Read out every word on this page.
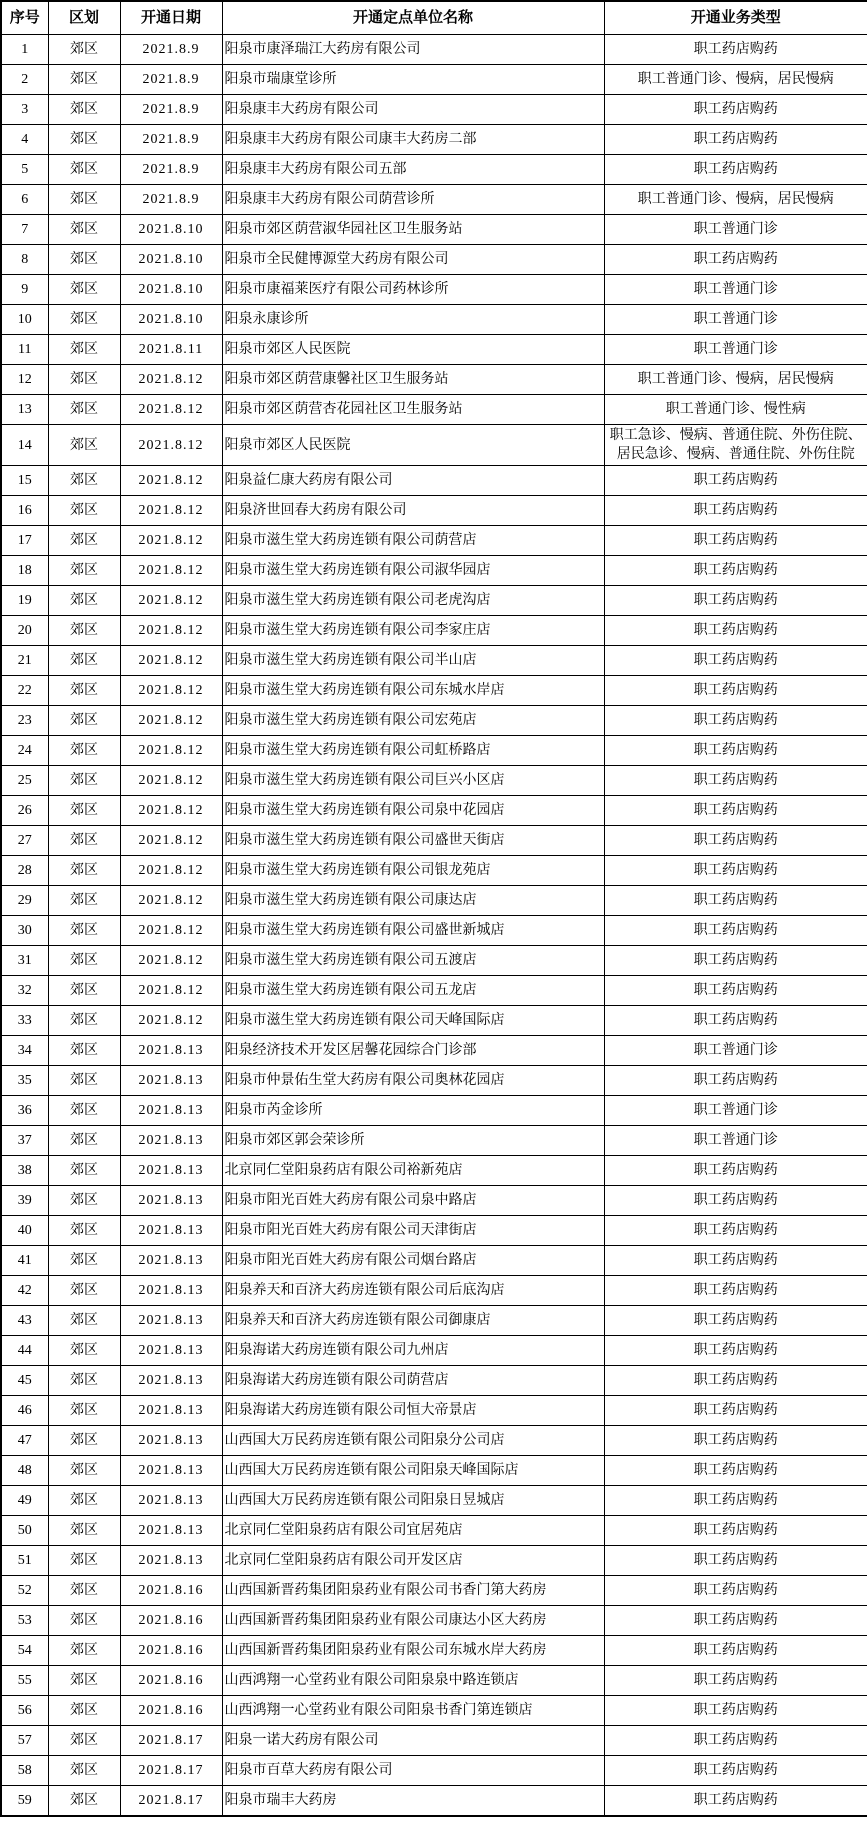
序号	区划	开通日期	开通定点单位名称	开通业务类型
1	郊区	2021.8.9	阳泉市康泽瑞江大药房有限公司	职工药店购药
2	郊区	2021.8.9	阳泉市瑞康堂诊所	职工普通门诊、慢病，居民慢病
3	郊区	2021.8.9	阳泉康丰大药房有限公司	职工药店购药
4	郊区	2021.8.9	阳泉康丰大药房有限公司康丰大药房二部	职工药店购药
5	郊区	2021.8.9	阳泉康丰大药房有限公司五部	职工药店购药
6	郊区	2021.8.9	阳泉康丰大药房有限公司荫营诊所	职工普通门诊、慢病，居民慢病
7	郊区	2021.8.10	阳泉市郊区荫营淑华园社区卫生服务站	职工普通门诊
8	郊区	2021.8.10	阳泉市全民健博源堂大药房有限公司	职工药店购药
9	郊区	2021.8.10	阳泉市康福莱医疗有限公司药林诊所	职工普通门诊
10	郊区	2021.8.10	阳泉永康诊所	职工普通门诊
11	郊区	2021.8.11	阳泉市郊区人民医院	职工普通门诊
12	郊区	2021.8.12	阳泉市郊区荫营康馨社区卫生服务站	职工普通门诊、慢病，居民慢病
13	郊区	2021.8.12	阳泉市郊区荫营杏花园社区卫生服务站	职工普通门诊、慢性病
14	郊区	2021.8.12	阳泉市郊区人民医院	职工急诊、慢病、普通住院、外伤住院、居民急诊、慢病、普通住院、外伤住院
15	郊区	2021.8.12	阳泉益仁康大药房有限公司	职工药店购药
16	郊区	2021.8.12	阳泉济世回春大药房有限公司	职工药店购药
17	郊区	2021.8.12	阳泉市滋生堂大药房连锁有限公司荫营店	职工药店购药
18	郊区	2021.8.12	阳泉市滋生堂大药房连锁有限公司淑华园店	职工药店购药
19	郊区	2021.8.12	阳泉市滋生堂大药房连锁有限公司老虎沟店	职工药店购药
20	郊区	2021.8.12	阳泉市滋生堂大药房连锁有限公司李家庄店	职工药店购药
21	郊区	2021.8.12	阳泉市滋生堂大药房连锁有限公司半山店	职工药店购药
22	郊区	2021.8.12	阳泉市滋生堂大药房连锁有限公司东城水岸店	职工药店购药
23	郊区	2021.8.12	阳泉市滋生堂大药房连锁有限公司宏苑店	职工药店购药
24	郊区	2021.8.12	阳泉市滋生堂大药房连锁有限公司虹桥路店	职工药店购药
25	郊区	2021.8.12	阳泉市滋生堂大药房连锁有限公司巨兴小区店	职工药店购药
26	郊区	2021.8.12	阳泉市滋生堂大药房连锁有限公司泉中花园店	职工药店购药
27	郊区	2021.8.12	阳泉市滋生堂大药房连锁有限公司盛世天街店	职工药店购药
28	郊区	2021.8.12	阳泉市滋生堂大药房连锁有限公司银龙苑店	职工药店购药
29	郊区	2021.8.12	阳泉市滋生堂大药房连锁有限公司康达店	职工药店购药
30	郊区	2021.8.12	阳泉市滋生堂大药房连锁有限公司盛世新城店	职工药店购药
31	郊区	2021.8.12	阳泉市滋生堂大药房连锁有限公司五渡店	职工药店购药
32	郊区	2021.8.12	阳泉市滋生堂大药房连锁有限公司五龙店	职工药店购药
33	郊区	2021.8.12	阳泉市滋生堂大药房连锁有限公司天峰国际店	职工药店购药
34	郊区	2021.8.13	阳泉经济技术开发区居馨花园综合门诊部	职工普通门诊
35	郊区	2021.8.13	阳泉市仲景佑生堂大药房有限公司奥林花园店	职工药店购药
36	郊区	2021.8.13	阳泉市芮金诊所	职工普通门诊
37	郊区	2021.8.13	阳泉市郊区郭会荣诊所	职工普通门诊
38	郊区	2021.8.13	北京同仁堂阳泉药店有限公司裕新苑店	职工药店购药
39	郊区	2021.8.13	阳泉市阳光百姓大药房有限公司泉中路店	职工药店购药
40	郊区	2021.8.13	阳泉市阳光百姓大药房有限公司天津街店	职工药店购药
41	郊区	2021.8.13	阳泉市阳光百姓大药房有限公司烟台路店	职工药店购药
42	郊区	2021.8.13	阳泉养天和百济大药房连锁有限公司后底沟店	职工药店购药
43	郊区	2021.8.13	阳泉养天和百济大药房连锁有限公司御康店	职工药店购药
44	郊区	2021.8.13	阳泉海诺大药房连锁有限公司九州店	职工药店购药
45	郊区	2021.8.13	阳泉海诺大药房连锁有限公司荫营店	职工药店购药
46	郊区	2021.8.13	阳泉海诺大药房连锁有限公司恒大帝景店	职工药店购药
47	郊区	2021.8.13	山西国大万民药房连锁有限公司阳泉分公司店	职工药店购药
48	郊区	2021.8.13	山西国大万民药房连锁有限公司阳泉天峰国际店	职工药店购药
49	郊区	2021.8.13	山西国大万民药房连锁有限公司阳泉日昱城店	职工药店购药
50	郊区	2021.8.13	北京同仁堂阳泉药店有限公司宜居苑店	职工药店购药
51	郊区	2021.8.13	北京同仁堂阳泉药店有限公司开发区店	职工药店购药
52	郊区	2021.8.16	山西国新晋药集团阳泉药业有限公司书香门第大药房	职工药店购药
53	郊区	2021.8.16	山西国新晋药集团阳泉药业有限公司康达小区大药房	职工药店购药
54	郊区	2021.8.16	山西国新晋药集团阳泉药业有限公司东城水岸大药房	职工药店购药
55	郊区	2021.8.16	山西鸿翔一心堂药业有限公司阳泉泉中路连锁店	职工药店购药
56	郊区	2021.8.16	山西鸿翔一心堂药业有限公司阳泉书香门第连锁店	职工药店购药
57	郊区	2021.8.17	阳泉一诺大药房有限公司	职工药店购药
58	郊区	2021.8.17	阳泉市百草大药房有限公司	职工药店购药
59	郊区	2021.8.17	阳泉市瑞丰大药房	职工药店购药
